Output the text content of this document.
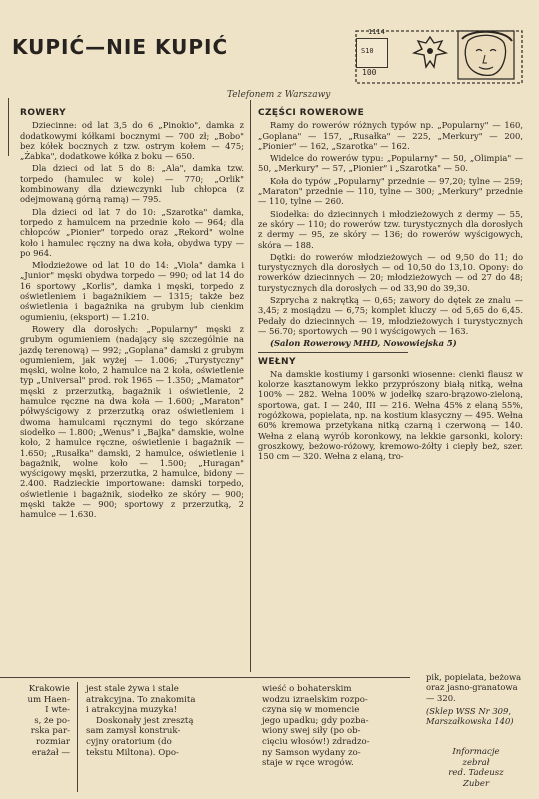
KUPIĆ—NIE KUPIĆ	S10
1114
100

Telefonem z Warszawy

ROWERY

Dziecinne: od lat 3,5 do 6 „Pinokio", damka z dodatkowymi kółkami bocznymi — 700 zł; „Bobo" bez kółek bocznych z tzw. ostrym kołem — 475; „Żabka", dodatkowe kółka z boku — 650.

Dla dzieci od lat 5 do 8: „Ala", damka tzw. torpedo (hamulec w kole) — 770; „Orlik" kombinowany dla dziewczynki lub chłopca (z odejmowaną górną ramą) — 795.

Dla dzieci od lat 7 do 10: „Szarotka" damka, torpedo z hamulcem na przednie koło — 964; dla chłopców „Pionier" torpedo oraz „Rekord" wolne koło i hamulec ręczny na dwa koła, obydwa typy — po 964.

Młodzieżowe od lat 10 do 14: „Viola" damka i „Junior" męski obydwa torpedo — 990; od lat 14 do 16 sportowy „Korlis", damka i męski, torpedo z oświetleniem i bagażnikiem — 1315; także bez oświetlenia i bagażnika na grubym lub cienkim ogumieniu, (eksport) — 1.210.

Rowery dla dorosłych: „Popularny" męski z grubym ogumieniem (nadający się szczególnie na jazdę terenową) — 992; „Goplana" damski z grubym ogumieniem, jak wyżej — 1.006; „Turystyczny" męski, wolne koło, 2 hamulce na 2 koła, oświetlenie typ „Universal" prod. rok 1965 — 1.350; „Mamator" męski z przerzutką, bagażnik i oświetlenie, 2 hamulce ręczne na dwa koła — 1.600; „Maraton" półwyścigowy z przerzutką oraz oświetleniem i dwoma hamulcami ręcznymi do tego skórzane siodełko — 1.800; „Wenus" i „Bajka" damskie, wolne koło, 2 hamulce ręczne, oświetlenie i bagażnik — 1.650; „Rusałka" damski, 2 hamulce, oświetlenie i bagażnik, wolne koło — 1.500; „Huragan" wyścigowy męski, przerzutka, 2 hamulce, bidony — 2.400. Radzieckie importowane: damski torpedo, oświetlenie i bagażnik, siodełko ze skóry — 900; męski także — 900; sportowy z przerzutką, 2 hamulce — 1.630.

CZĘŚCI ROWEROWE

Ramy do rowerów różnych typów np. „Popularny" — 160, „Goplana" — 157, „Rusałka" — 225, „Merkury" — 200, „Pionier" — 162, „Szarotka" — 162.

Widelce do rowerów typu: „Popularny" — 50, „Olimpia" — 50, „Merkury" — 57, „Pionier" i „Szarotka" — 50.

Koła do typów „Popularny" przednie — 97,20; tylne — 259; „Maraton" przednie — 110, tylne — 300; „Merkury" przednie — 110, tylne — 260.

Siodełka: do dziecinnych i młodzieżowych z dermy — 55, ze skóry — 110; do rowerów tzw. turystycznych dla dorosłych z dermy — 95, ze skóry — 136; do rowerów wyścigowych, skóra — 188.

Dętki: do rowerów młodzieżowych — od 9,50 do 11; do turystycznych dla dorosłych — od 10,50 do 13,10. Opony: do rowerków dziecinnych — 20; młodzieżowych — od 27 do 48; turystycznych dla dorosłych — od 33,90 do 39,30.

Szprycha z nakrętką — 0,65; zawory do dętek ze znalu — 3,45; z mosiądzu — 6,75; komplet kluczy — od 5,65 do 6,45. Pedały do dziecinnych — 19, młodzieżowych i turystycznych — 56.70; sportowych — 90 i wyścigowych — 163.

(Salon Rowerowy MHD, Nowowiejska 5)

WEŁNY

Na damskie kostiumy i garsonki wiosenne: cienki flausz w kolorze kasztanowym lekko przyprószony białą nitką, wełna 100% — 282. Wełna 100% w jodełkę szaro-brązowo-zieloną, sportowa, gat. I — 240, III — 216. Wełna 45% z elaną 55%, rogóżkowa, popielata, np. na kostium klasyczny — 495. Wełna 60% kremowa przetykana nitką czarną i czerwoną — 140. Wełna z elaną wyrób koronkowy, na lekkie garsonki, kolory: groszkowy, beżowo-różowy, kremowo-żółty i ciepły beż, szer. 150 cm — 320. Wełna z elaną, tro-

pik, popielata, beżowa oraz jasno-granatowa — 320.

(Sklep WSS Nr 309, Marszałkowska 140)

Informacje
zebrał
red. Tadeusz
Zuber

Krakowie

um Haen-

I wte-

s, że po-

rska par-

rozmiar

erażał —

jest stale żywa i stale

atrakcyjna. To znakomita

i atrakcyjna muzyka!

Doskonały jest zresztą

sam zamysł konstruk-

cyjny oratorium (do

tekstu Miltona). Opo-

wieść o bohaterskim

wodzu izraelskim rozpo-

czyna się w momencie

jego upadku; gdy pozba-

wiony swej siły (po ob-

cięciu włosów!) zdradzo-

ny Samson wydany zo-

staje w ręce wrogów.
